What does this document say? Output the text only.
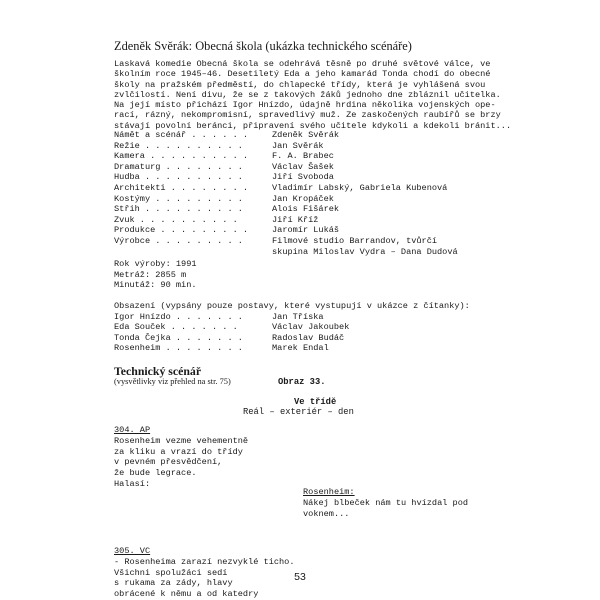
Zdeněk Svěrák: Obecná škola (ukázka technického scénáře)
Laskavá komedie Obecná škola se odehrává těsně po druhé světové válce, ve
školním roce 1945–46. Desetiletý Eda a jeho kamarád Tonda chodí do obecné
školy na pražském předměstí, do chlapecké třídy, která je vyhlášená svou
zvlčilostí. Není divu, že se z takových žáků jednoho dne zbláznil učitelka.
Na její místo přichází Igor Hnízdo, údajně hrdina několika vojenských ope-
rací, rázný, nekompromisní, spravedlivý muž. Ze zaskočených raubířů se brzy
stávají povolní beránci, připravení svého učitele kdykoli a kdekoli bránit...
Námět a scénář . . . . . .	Zdeněk Svěrák
Režie . . . . . . . . . .	Jan Svěrák
Kamera . . . . . . . . . .	F. A. Brabec
Dramaturg . . . . . . . .	Václav Šašek
Hudba . . . . . . . . . .	Jiří Svoboda
Architekti . . . . . . . .	Vladimír Labský, Gabriela Kubenová
Kostýmy . . . . . . . . .	Jan Kropáček
Střih . . . . . . . . . .	Alois Fišárek
Zvuk . . . . . . . . . .	Jiří Kříž
Produkce . . . . . . . . .	Jaromír Lukáš
Výrobce . . . . . . . . .	Filmové studio Barrandov, tvůrčí
skupina Miloslav Vydra – Dana Dudová
Rok výroby: 1991
Metráž: 2855 m
Minutáž: 90 min.
Obsazení (vypsány pouze postavy, které vystupují v ukázce z čítanky):
Igor Hnízdo . . . . . . .	Jan Tříska
Eda Souček . . . . . . .	Václav Jakoubek
Tonda Čejka . . . . . . .	Radoslav Budáč
Rosenheim . . . . . . . .	Marek Endal
Technický scénář
(vysvětlivky viz přehled na str. 75)	Obraz 33.
Ve třídě
Reál – exteriér – den
304. AP
Rosenheim vezme vehementně
za kliku a vrazí do třídy
v pevném přesvědčení,
že bude legrace.
Halasí:
Rosenheim:
Nákej blbeček nám tu hvízdal pod
voknem...
305. VC
- Rosenheima zarazí nezvyklé ticho.
Všichni spolužáci sedí
s rukama za zády, hlavy
obrácené k němu a od katedry
53
